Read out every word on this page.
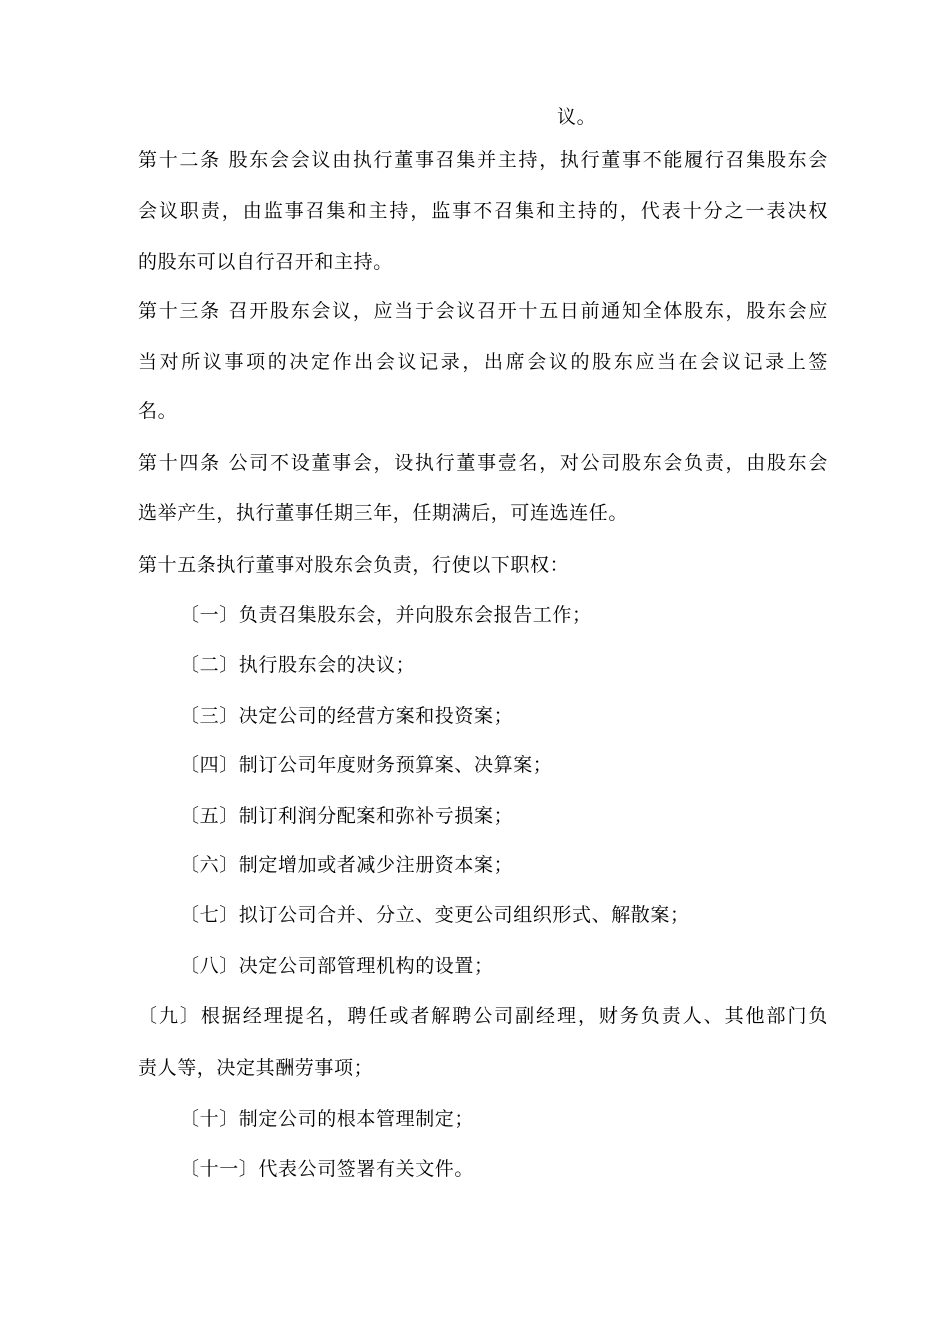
议。
第十二条 股东会会议由执行董事召集并主持，执行董事不能履行召集股东会
会议职责，由监事召集和主持，监事不召集和主持的，代表十分之一表决权
的股东可以自行召开和主持。
第十三条 召开股东会议，应当于会议召开十五日前通知全体股东，股东会应
当对所议事项的决定作出会议记录，出席会议的股东应当在会议记录上签
名。
第十四条 公司不设董事会，设执行董事壹名，对公司股东会负责，由股东会
选举产生，执行董事任期三年，任期满后，可连选连任。
第十五条执行董事对股东会负责，行使以下职权：
〔一〕负责召集股东会，并向股东会报告工作；
〔二〕执行股东会的决议；
〔三〕决定公司的经营方案和投资案；
〔四〕制订公司年度财务预算案、决算案；
〔五〕制订利润分配案和弥补亏损案；
〔六〕制定增加或者减少注册资本案；
〔七〕拟订公司合并、分立、变更公司组织形式、解散案；
〔八〕决定公司部管理机构的设置；
〔九〕根据经理提名，聘任或者解聘公司副经理，财务负责人、其他部门负
责人等，决定其酬劳事项；
〔十〕制定公司的根本管理制定；
〔十一〕代表公司签署有关文件。
